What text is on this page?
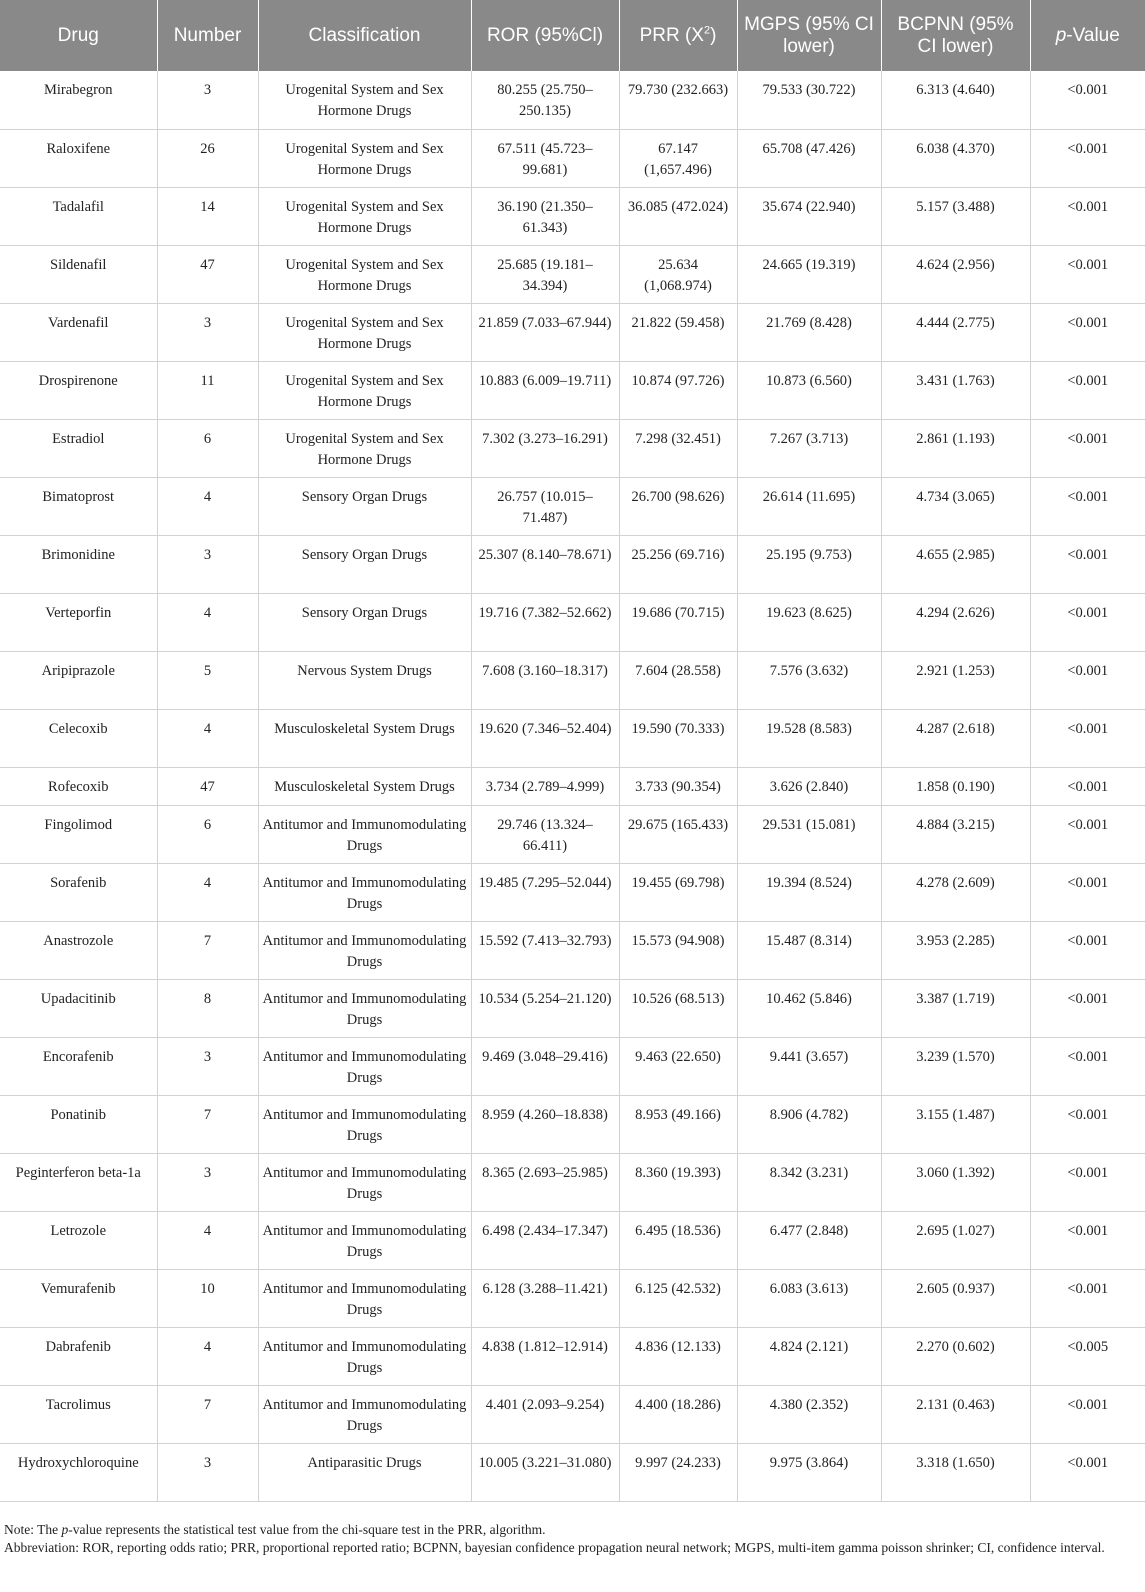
Drug	Number	Classification	ROR (95%Cl)	PRR $(X^2)$	MGPS (95% CI lower)	BCPNN (95% CI lower)	p-Value
Mirabegron	3	Urogenital System and Sex Hormone Drugs	80.255 (25.750–250.135)	79.730 (232.663)	79.533 (30.722)	6.313 (4.640)	<0.001
Raloxifene	26	Urogenital System and Sex Hormone Drugs	67.511 (45.723–99.681)	67.147 (1,657.496)	65.708 (47.426)	6.038 (4.370)	<0.001
Tadalafil	14	Urogenital System and Sex Hormone Drugs	36.190 (21.350–61.343)	36.085 (472.024)	35.674 (22.940)	5.157 (3.488)	<0.001
Sildenafil	47	Urogenital System and Sex Hormone Drugs	25.685 (19.181–34.394)	25.634 (1,068.974)	24.665 (19.319)	4.624 (2.956)	<0.001
Vardenafil	3	Urogenital System and Sex Hormone Drugs	21.859 (7.033–67.944)	21.822 (59.458)	21.769 (8.428)	4.444 (2.775)	<0.001
Drospirenone	11	Urogenital System and Sex Hormone Drugs	10.883 (6.009–19.711)	10.874 (97.726)	10.873 (6.560)	3.431 (1.763)	<0.001
Estradiol	6	Urogenital System and Sex Hormone Drugs	7.302 (3.273–16.291)	7.298 (32.451)	7.267 (3.713)	2.861 (1.193)	<0.001
Bimatoprost	4	Sensory Organ Drugs	26.757 (10.015–71.487)	26.700 (98.626)	26.614 (11.695)	4.734 (3.065)	<0.001
Brimonidine	3	Sensory Organ Drugs	25.307 (8.140–78.671)	25.256 (69.716)	25.195 (9.753)	4.655 (2.985)	<0.001
Verteporfin	4	Sensory Organ Drugs	19.716 (7.382–52.662)	19.686 (70.715)	19.623 (8.625)	4.294 (2.626)	<0.001
Aripiprazole	5	Nervous System Drugs	7.608 (3.160–18.317)	7.604 (28.558)	7.576 (3.632)	2.921 (1.253)	<0.001
Celecoxib	4	Musculoskeletal System Drugs	19.620 (7.346–52.404)	19.590 (70.333)	19.528 (8.583)	4.287 (2.618)	<0.001
Rofecoxib	47	Musculoskeletal System Drugs	3.734 (2.789–4.999)	3.733 (90.354)	3.626 (2.840)	1.858 (0.190)	<0.001
Fingolimod	6	Antitumor and Immunomodulating Drugs	29.746 (13.324–66.411)	29.675 (165.433)	29.531 (15.081)	4.884 (3.215)	<0.001
Sorafenib	4	Antitumor and Immunomodulating Drugs	19.485 (7.295–52.044)	19.455 (69.798)	19.394 (8.524)	4.278 (2.609)	<0.001
Anastrozole	7	Antitumor and Immunomodulating Drugs	15.592 (7.413–32.793)	15.573 (94.908)	15.487 (8.314)	3.953 (2.285)	<0.001
Upadacitinib	8	Antitumor and Immunomodulating Drugs	10.534 (5.254–21.120)	10.526 (68.513)	10.462 (5.846)	3.387 (1.719)	<0.001
Encorafenib	3	Antitumor and Immunomodulating Drugs	9.469 (3.048–29.416)	9.463 (22.650)	9.441 (3.657)	3.239 (1.570)	<0.001
Ponatinib	7	Antitumor and Immunomodulating Drugs	8.959 (4.260–18.838)	8.953 (49.166)	8.906 (4.782)	3.155 (1.487)	<0.001
Peginterferon beta-1a	3	Antitumor and Immunomodulating Drugs	8.365 (2.693–25.985)	8.360 (19.393)	8.342 (3.231)	3.060 (1.392)	<0.001
Letrozole	4	Antitumor and Immunomodulating Drugs	6.498 (2.434–17.347)	6.495 (18.536)	6.477 (2.848)	2.695 (1.027)	<0.001
Vemurafenib	10	Antitumor and Immunomodulating Drugs	6.128 (3.288–11.421)	6.125 (42.532)	6.083 (3.613)	2.605 (0.937)	<0.001
Dabrafenib	4	Antitumor and Immunomodulating Drugs	4.838 (1.812–12.914)	4.836 (12.133)	4.824 (2.121)	2.270 (0.602)	<0.005
Tacrolimus	7	Antitumor and Immunomodulating Drugs	4.401 (2.093–9.254)	4.400 (18.286)	4.380 (2.352)	2.131 (0.463)	<0.001
Hydroxychloroquine	3	Antiparasitic Drugs	10.005 (3.221–31.080)	9.997 (24.233)	9.975 (3.864)	3.318 (1.650)	<0.001
Note: The p-value represents the statistical test value from the chi-square test in the PRR, algorithm.
Abbreviation: ROR, reporting odds ratio; PRR, proportional reported ratio; BCPNN, bayesian confidence propagation neural network; MGPS, multi-item gamma poisson shrinker; CI, confidence interval.
